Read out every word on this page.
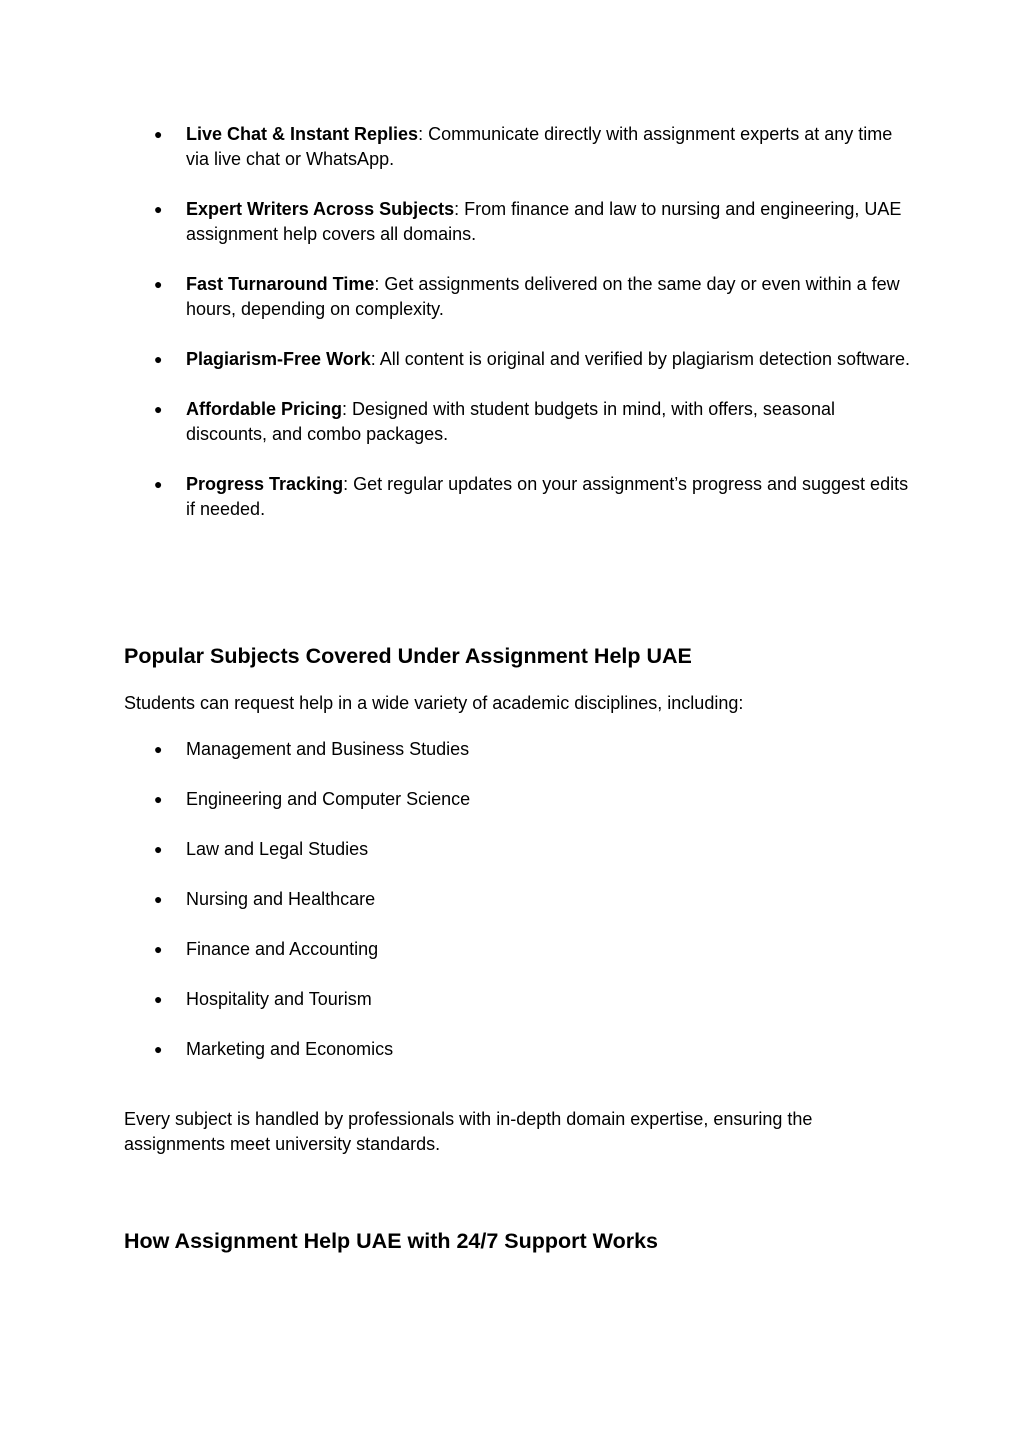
● Live Chat & Instant Replies: Communicate directly with assignment experts at any time via live chat or WhatsApp.
● Expert Writers Across Subjects: From finance and law to nursing and engineering, UAE assignment help covers all domains.
● Fast Turnaround Time: Get assignments delivered on the same day or even within a few hours, depending on complexity.
● Plagiarism-Free Work: All content is original and verified by plagiarism detection software.
● Affordable Pricing: Designed with student budgets in mind, with offers, seasonal discounts, and combo packages.
● Progress Tracking: Get regular updates on your assignment’s progress and suggest edits if needed.
Popular Subjects Covered Under Assignment Help UAE

Students can request help in a wide variety of academic disciplines, including:

● Management and Business Studies
● Engineering and Computer Science
● Law and Legal Studies
● Nursing and Healthcare
● Finance and Accounting
● Hospitality and Tourism
● Marketing and Economics

Every subject is handled by professionals with in-depth domain expertise, ensuring the assignments meet university standards.

How Assignment Help UAE with 24/7 Support Works
